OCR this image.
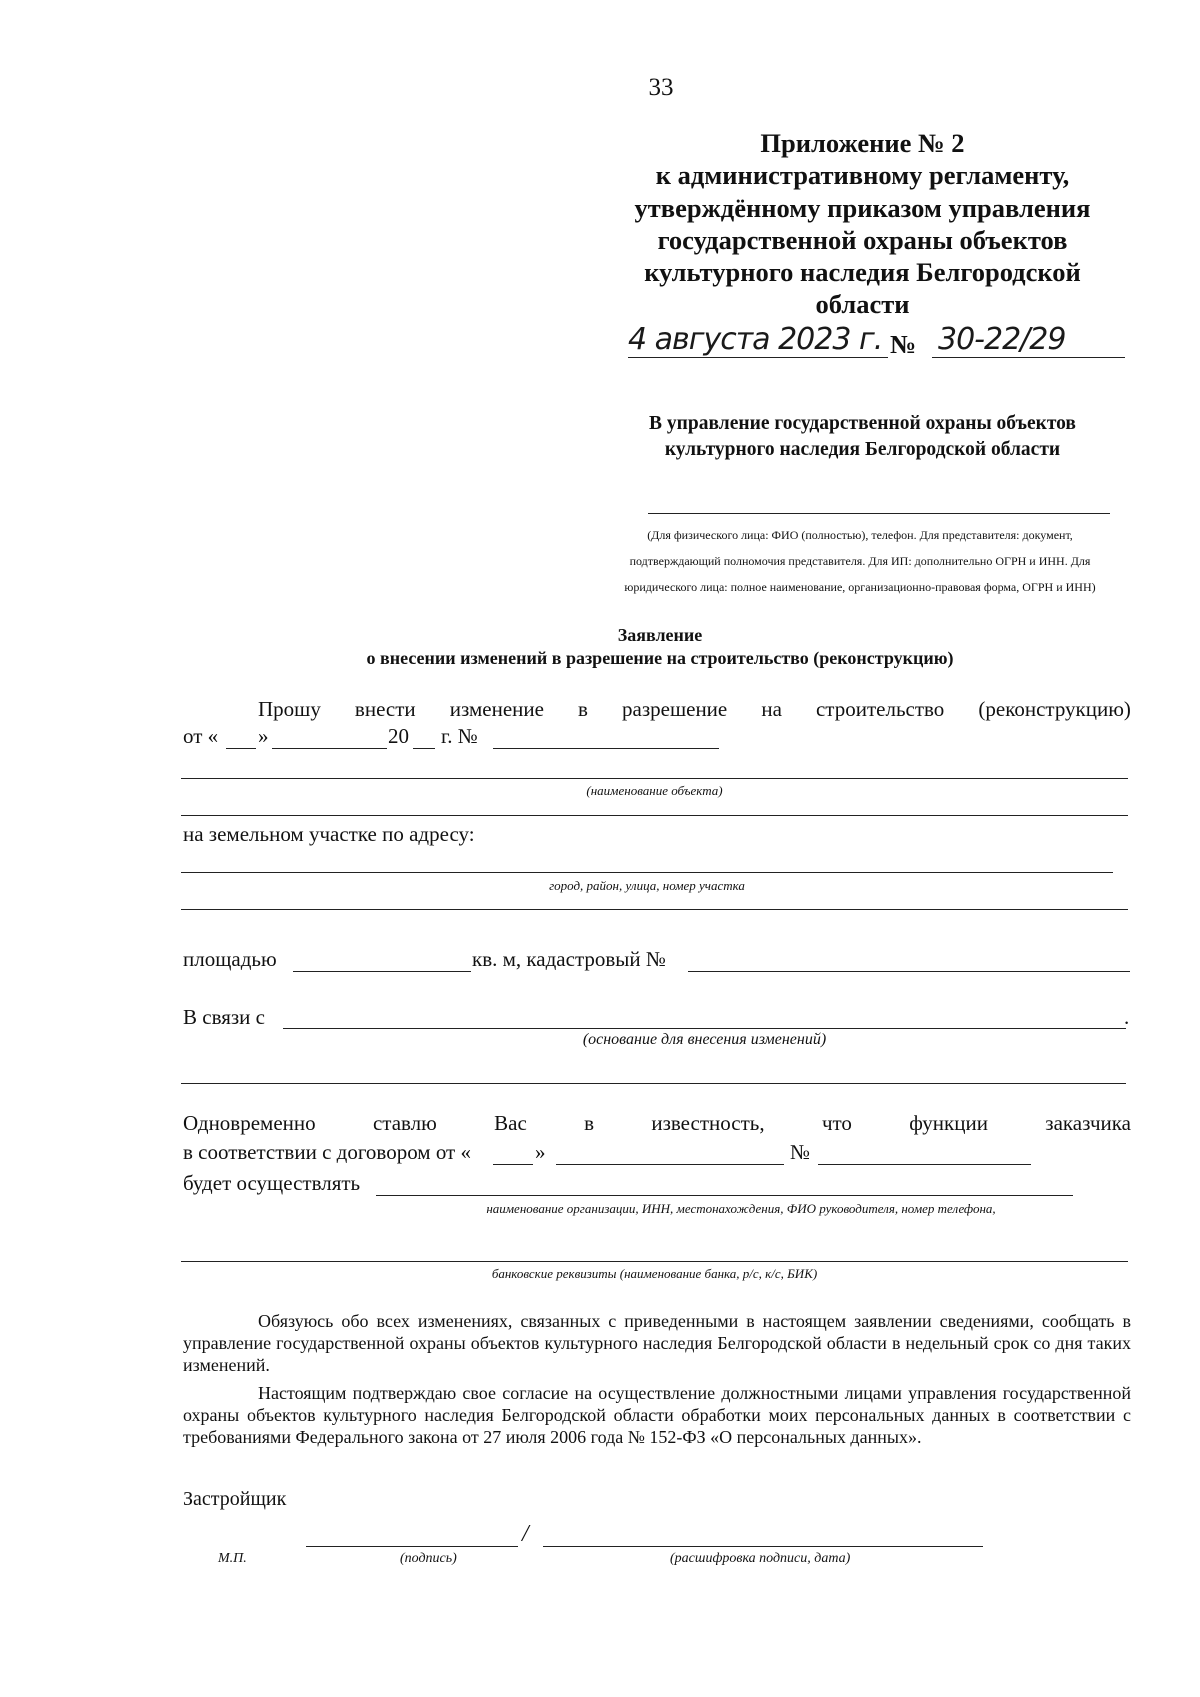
33
Приложение № 2
к административному регламенту,
утверждённому приказом управления
государственной охраны объектов
культурного наследия Белгородской
области
4 августа 2023 г. № 30-22/29
В управление государственной охраны объектов
культурного наследия Белгородской области
(Для физического лица: ФИО (полностью), телефон. Для представителя: документ,
подтверждающий полномочия представителя. Для ИП: дополнительно ОГРН и ИНН. Для
юридического лица: полное наименование, организационно-правовая форма, ОГРН и ИНН)
Заявление
о внесении изменений в разрешение на строительство (реконструкцию)
Прошу внести изменение в разрешение на строительство (реконструкцию)
от « »	20 г. №
(наименование объекта)
на земельном участке по адресу:
город, район, улица, номер участка
площадью	кв. м, кадастровый №
В связи с	.
(основание для внесения изменений)
Одновременно	ставлю	Вас	в	известность,	что	функции	заказчика
в соответствии с договором от «	»	№
будет осуществлять
наименование организации, ИНН, местонахождения, ФИО руководителя, номер телефона,
банковские реквизиты (наименование банка, р/с, к/с, БИК)
Обязуюсь обо всех изменениях, связанных с приведенными в настоящем заявлении сведениями, сообщать в управление государственной охраны объектов культурного наследия Белгородской области в недельный срок со дня таких изменений.
Настоящим подтверждаю свое согласие на осуществление должностными лицами управления государственной охраны объектов культурного наследия Белгородской области обработки моих персональных данных в соответствии с требованиями Федерального закона от 27 июля 2006 года № 152-ФЗ «О персональных данных».
Застройщик
/
М.П.	(подпись)	(расшифровка подписи, дата)
